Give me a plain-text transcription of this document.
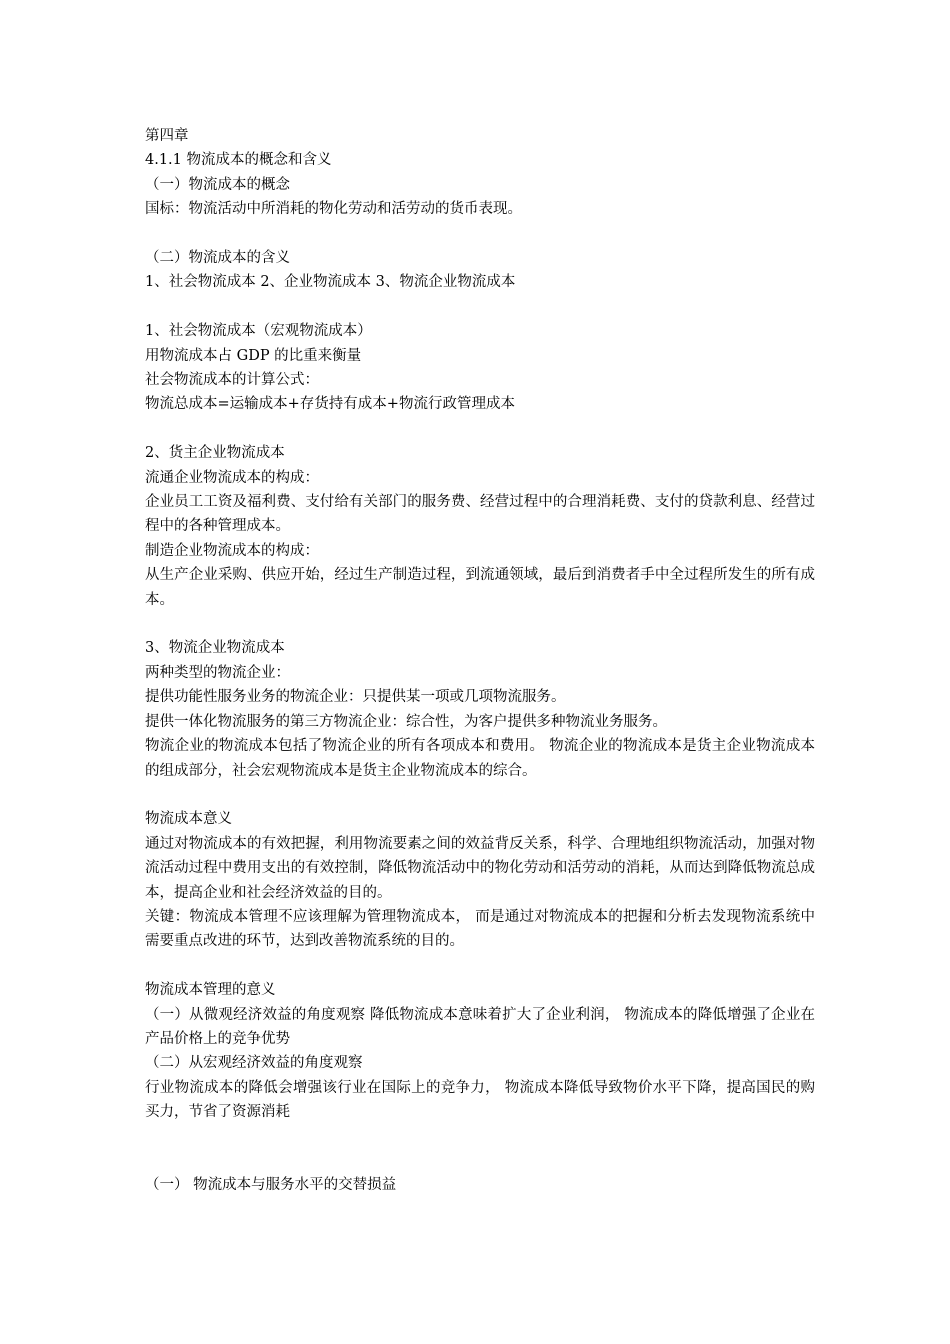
第四章
4.1.1 物流成本的概念和含义
（一）物流成本的概念
国标：物流活动中所消耗的物化劳动和活劳动的货币表现。
（二）物流成本的含义
1、社会物流成本 2、企业物流成本 3、物流企业物流成本
1、社会物流成本（宏观物流成本）
用物流成本占 GDP 的比重来衡量
社会物流成本的计算公式：
物流总成本=运输成本+存货持有成本+物流行政管理成本
2、货主企业物流成本
流通企业物流成本的构成：
企业员工工资及福利费、支付给有关部门的服务费、经营过程中的合理消耗费、支付的贷款利息、经营过程中的各种管理成本。
制造企业物流成本的构成：
从生产企业采购、供应开始，经过生产制造过程，到流通领域，最后到消费者手中全过程所发生的所有成本。
3、物流企业物流成本
两种类型的物流企业：
提供功能性服务业务的物流企业：只提供某一项或几项物流服务。
提供一体化物流服务的第三方物流企业：综合性，为客户提供多种物流业务服务。
物流企业的物流成本包括了物流企业的所有各项成本和费用。 物流企业的物流成本是货主企业物流成本的组成部分，社会宏观物流成本是货主企业物流成本的综合。
物流成本意义
通过对物流成本的有效把握，利用物流要素之间的效益背反关系，科学、合理地组织物流活动，加强对物流活动过程中费用支出的有效控制，降低物流活动中的物化劳动和活劳动的消耗，从而达到降低物流总成本，提高企业和社会经济效益的目的。
关键：物流成本管理不应该理解为管理物流成本， 而是通过对物流成本的把握和分析去发现物流系统中需要重点改进的环节，达到改善物流系统的目的。
物流成本管理的意义
（一）从微观经济效益的角度观察 降低物流成本意味着扩大了企业利润， 物流成本的降低增强了企业在产品价格上的竞争优势
（二）从宏观经济效益的角度观察
行业物流成本的降低会增强该行业在国际上的竞争力， 物流成本降低导致物价水平下降，提高国民的购买力，节省了资源消耗
（一） 物流成本与服务水平的交替损益
